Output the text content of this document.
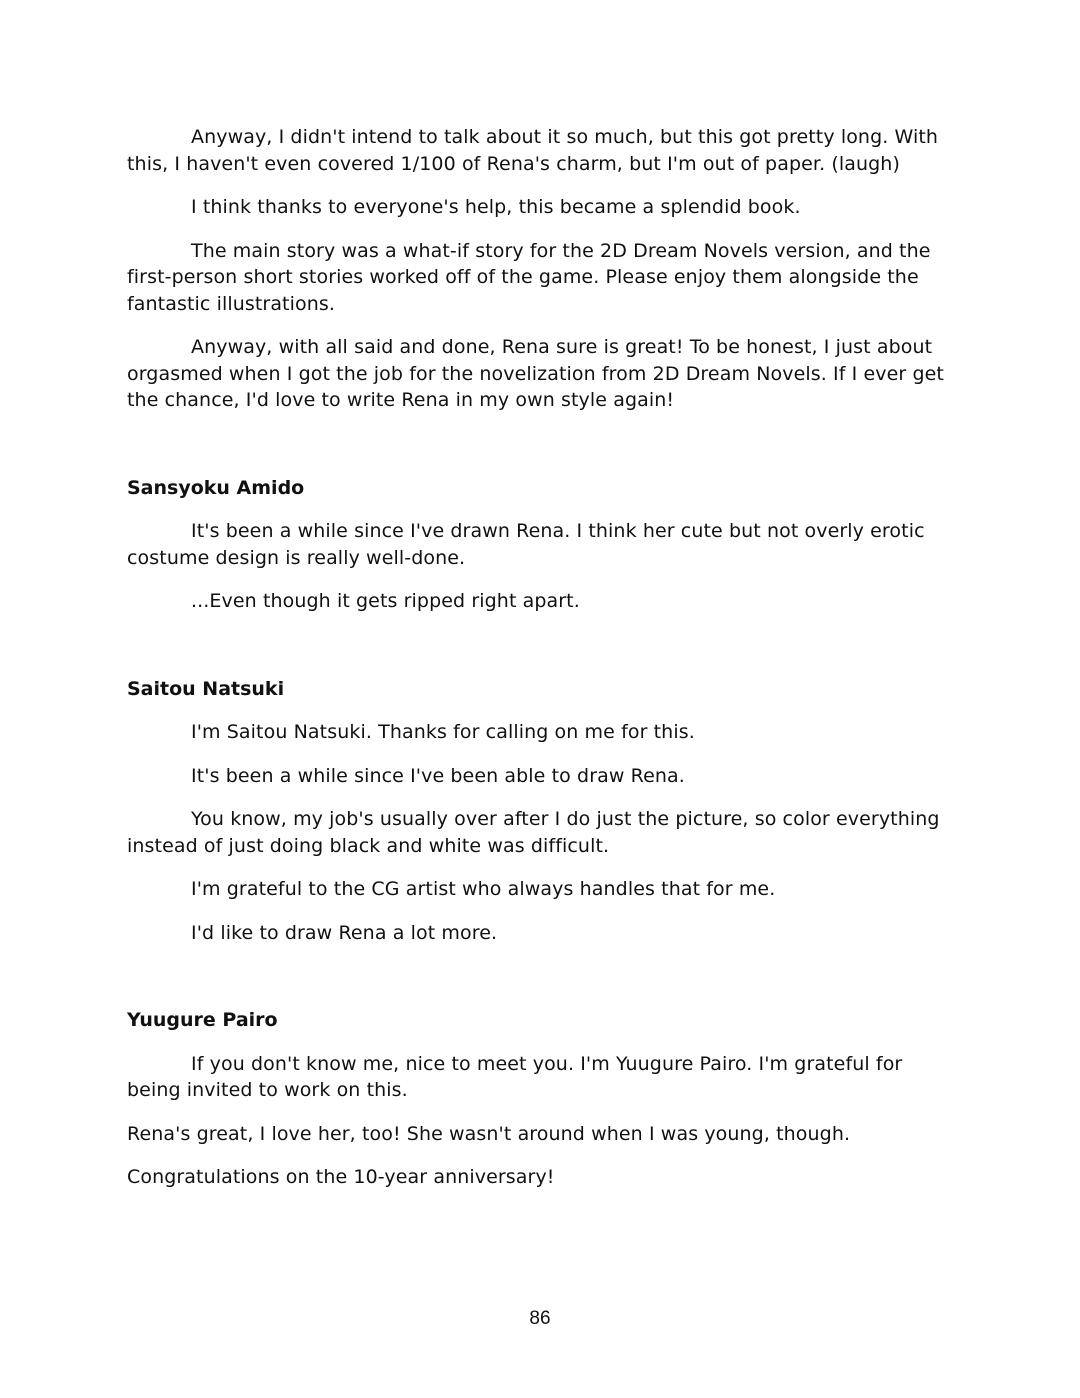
Anyway, I didn't intend to talk about it so much, but this got pretty long. With this, I haven't even covered 1/100 of Rena's charm, but I'm out of paper. (laugh)

I think thanks to everyone's help, this became a splendid book.

The main story was a what-if story for the 2D Dream Novels version, and the first-person short stories worked off of the game. Please enjoy them alongside the fantastic illustrations.

Anyway, with all said and done, Rena sure is great! To be honest, I just about orgasmed when I got the job for the novelization from 2D Dream Novels. If I ever get the chance, I'd love to write Rena in my own style again!

Sansyoku Amido

It's been a while since I've drawn Rena. I think her cute but not overly erotic costume design is really well-done.

...Even though it gets ripped right apart.

Saitou Natsuki

I'm Saitou Natsuki. Thanks for calling on me for this.

It's been a while since I've been able to draw Rena.

You know, my job's usually over after I do just the picture, so color everything instead of just doing black and white was difficult.

I'm grateful to the CG artist who always handles that for me.

I'd like to draw Rena a lot more.

Yuugure Pairo

If you don't know me, nice to meet you. I'm Yuugure Pairo. I'm grateful for being invited to work on this.

Rena's great, I love her, too! She wasn't around when I was young, though.

Congratulations on the 10-year anniversary!

86
